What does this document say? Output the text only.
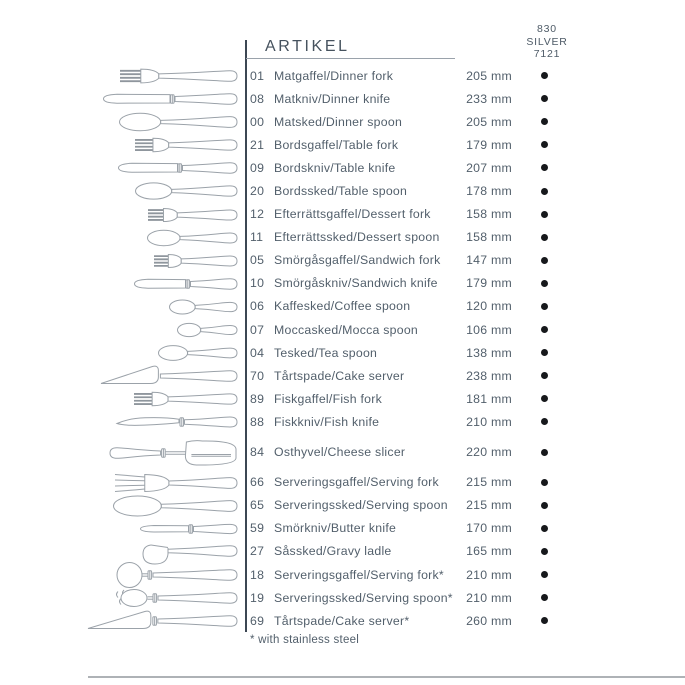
ARTIKEL
830
SILVER
7121
01 Matgaffel/Dinner fork	205 mm
08 Matkniv/Dinner knife	233 mm
00 Matsked/Dinner spoon	205 mm
21 Bordsgaffel/Table fork	179 mm
09 Bordskniv/Table knife	207 mm
20 Bordssked/Table spoon	178 mm
12 Efterrättsgaffel/Dessert fork	158 mm
11 Efterrättssked/Dessert spoon	158 mm
05 Smörgåsgaffel/Sandwich fork	147 mm
10 Smörgåskniv/Sandwich knife	179 mm
06 Kaffesked/Coffee spoon	120 mm
07 Moccasked/Mocca spoon	106 mm
04 Tesked/Tea spoon	138 mm
70 Tårtspade/Cake server	238 mm
89 Fiskgaffel/Fish fork	181 mm
88 Fiskkniv/Fish knife	210 mm
84 Osthyvel/Cheese slicer	220 mm
66 Serveringsgaffel/Serving fork	215 mm
65 Serveringssked/Serving spoon	215 mm
59 Smörkniv/Butter knife	170 mm
27 Såssked/Gravy ladle	165 mm
18 Serveringsgaffel/Serving fork*	210 mm
19 Serveringssked/Serving spoon*	210 mm
69 Tårtspade/Cake server*	260 mm
* with stainless steel
